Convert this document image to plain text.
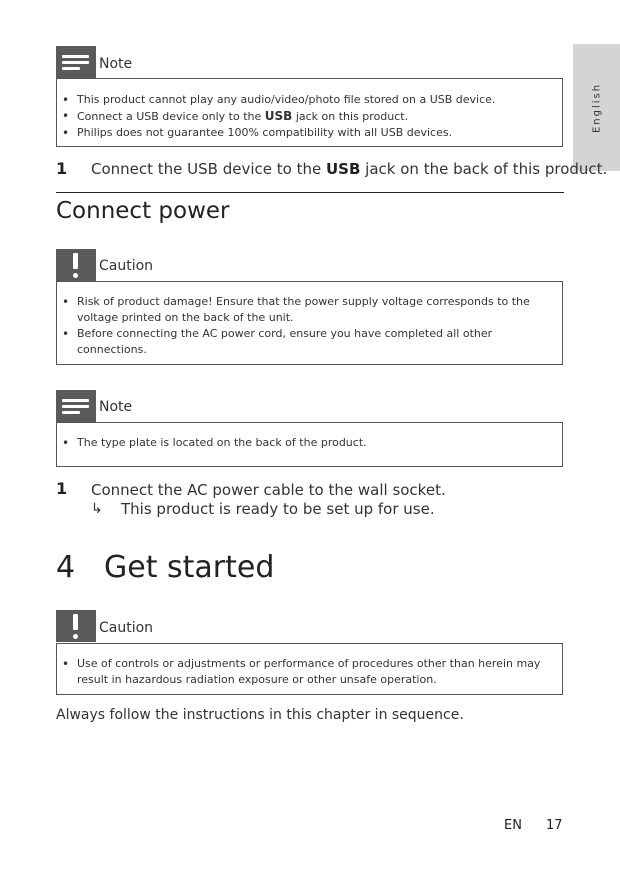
English
Note
• This product cannot play any audio/video/photo file stored on a USB device.
• Connect a USB device only to the USB jack on this product.
• Philips does not guarantee 100% compatibility with all USB devices.
1 Connect the USB device to the USB jack on the back of this product.
Connect power
Caution
• Risk of product damage! Ensure that the power supply voltage corresponds to the voltage printed on the back of the unit.
• Before connecting the AC power cord, ensure you have completed all other connections.
Note
• The type plate is located on the back of the product.
1 Connect the AC power cable to the wall socket.
↳ This product is ready to be set up for use.
4 Get started
Caution
• Use of controls or adjustments or performance of procedures other than herein may result in hazardous radiation exposure or other unsafe operation.
Always follow the instructions in this chapter in sequence.
EN 17
